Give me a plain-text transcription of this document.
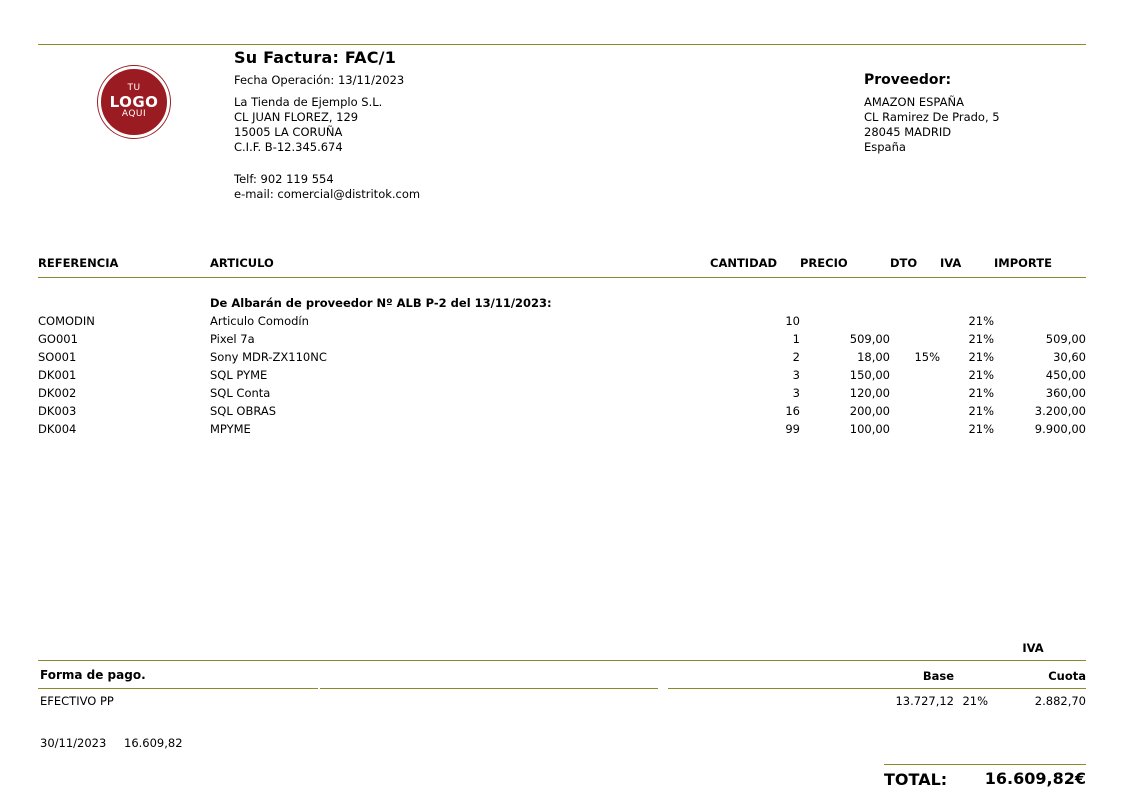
TU
LOGO
AQUI
Su Factura: FAC/1
Fecha Operación: 13/11/2023
La Tienda de Ejemplo S.L.
CL JUAN FLOREZ, 129
15005 LA CORUÑA
C.I.F. B-12.345.674
Telf: 902 119 554
e-mail: comercial@distritok.com
Proveedor:
AMAZON ESPAÑA
CL Ramirez De Prado, 5
28045 MADRID
España
REFERENCIA	ARTICULO	CANTIDAD	PRECIO	DTO	IVA	IMPORTE

	De Albarán de proveedor Nº ALB P-2 del 13/11/2023:					
COMODIN	Articulo Comodín	10			21%	
GO001	Pixel 7a	1	509,00		21%	509,00
SO001	Sony MDR-ZX110NC	2	18,00	15%	21%	30,60
DK001	SQL PYME	3	150,00		21%	450,00
DK002	SQL Conta	3	120,00		21%	360,00
DK003	SQL OBRAS	16	200,00		21%	3.200,00
DK004	MPYME	99	100,00		21%	9.900,00
IVA
Forma de pago.	Base	Cuota
EFECTIVO PP	13.727,12 21%	2.882,70
30/11/2023 16.609,82
TOTAL:	16.609,82€
